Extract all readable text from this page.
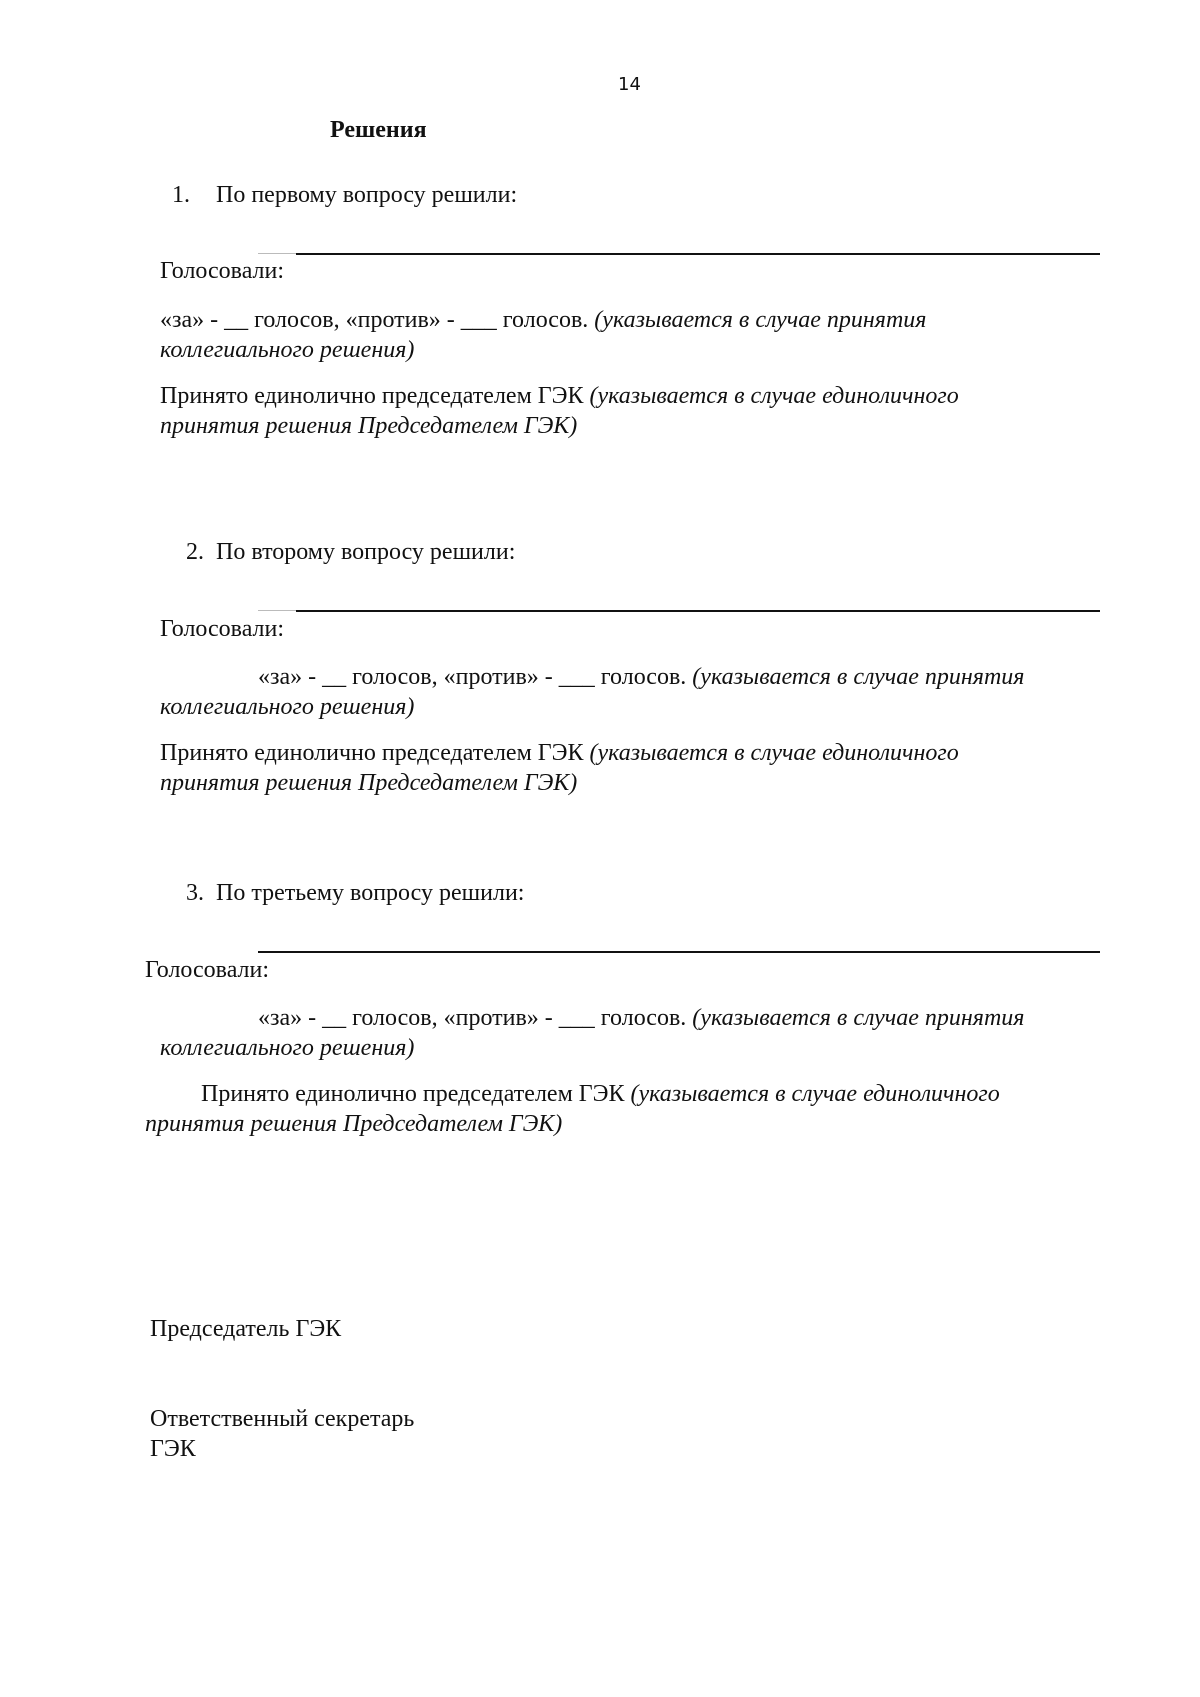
14
Решения
1. По первому вопросу решили:
Голосовали:
«за» - __ голосов, «против» - ___ голосов. (указывается в случае принятия
коллегиального решения)
Принято единолично председателем ГЭК (указывается в случае единоличного
принятия решения Председателем ГЭК)
2. По второму вопросу решили:
Голосовали:
«за» - __ голосов, «против» - ___ голосов. (указывается в случае принятия
коллегиального решения)
Принято единолично председателем ГЭК (указывается в случае единоличного
принятия решения Председателем ГЭК)
3. По третьему вопросу решили:
Голосовали:
«за» - __ голосов, «против» - ___ голосов. (указывается в случае принятия
коллегиального решения)
Принято единолично председателем ГЭК (указывается в случае единоличного
принятия решения Председателем ГЭК)
Председатель ГЭК
Ответственный секретарь
ГЭК
